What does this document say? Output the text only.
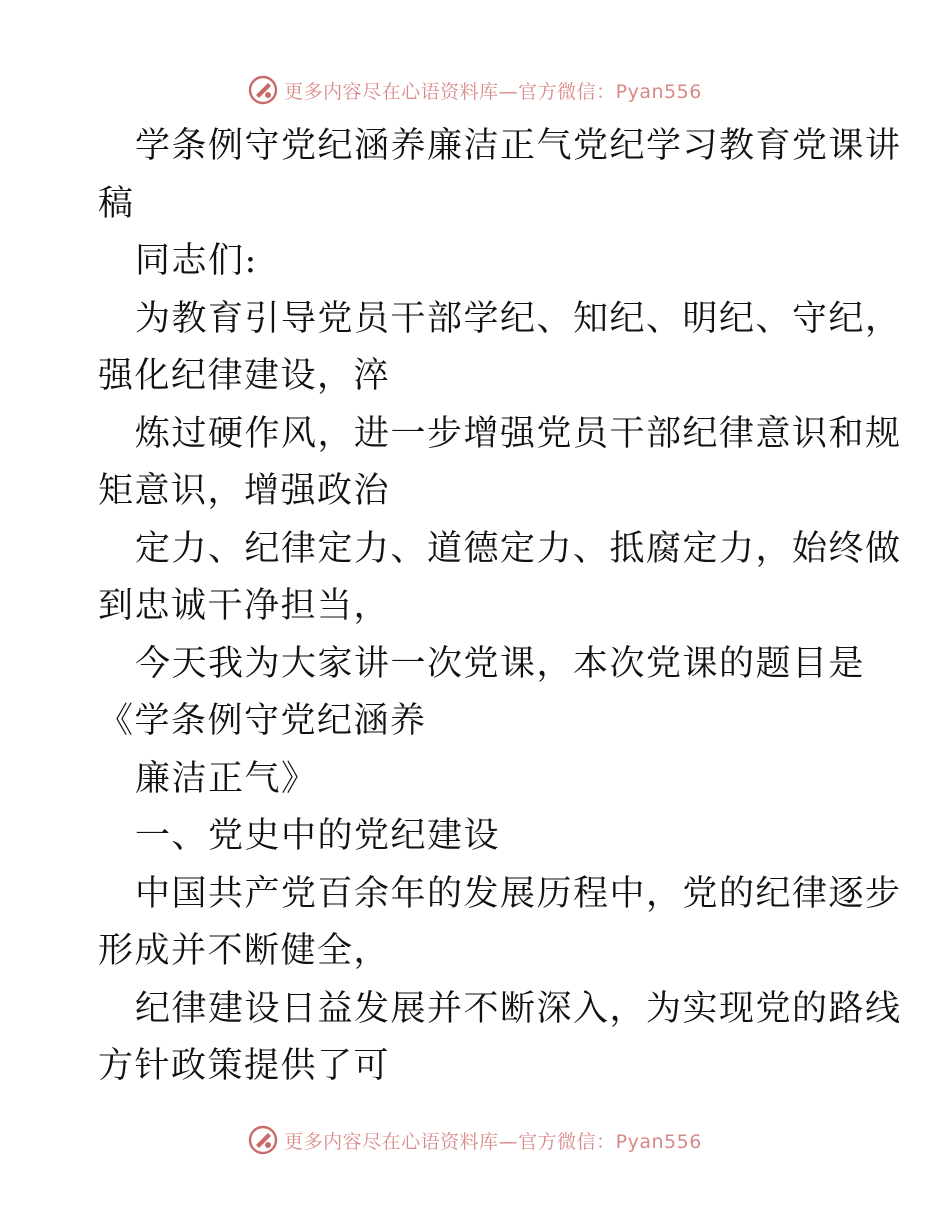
更多内容尽在心语资料库—官方微信：Pyan556
学条例守党纪涵养廉洁正气党纪学习教育党课讲
稿
同志们:
为教育引导党员干部学纪、知纪、明纪、守纪，
强化纪律建设，淬
炼过硬作风，进一步增强党员干部纪律意识和规
矩意识，增强政治
定力、纪律定力、道德定力、抵腐定力，始终做
到忠诚干净担当，
今天我为大家讲一次党课，本次党课的题目是
《学条例守党纪涵养
廉洁正气》
一、党史中的党纪建设
中国共产党百余年的发展历程中，党的纪律逐步
形成并不断健全，
纪律建设日益发展并不断深入，为实现党的路线
方针政策提供了可
更多内容尽在心语资料库—官方微信：Pyan556
